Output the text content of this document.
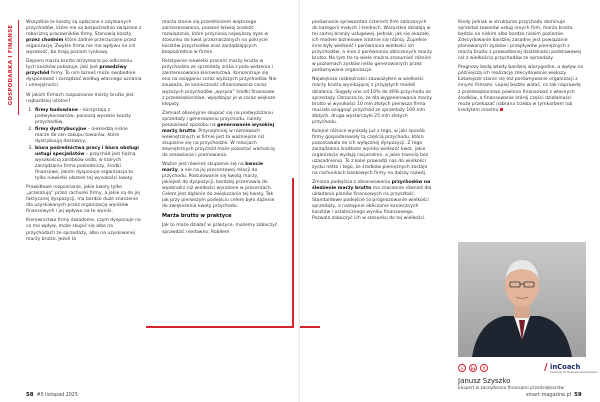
GOSPODARKA I FINANSE

Wszystkie te koszty są opłacane z uzyskanych przychodów, które nie są bezpośrednio związane z robocizną pracowników firmy. Stanowią koszty przez chodnim które żadnie przerzucane przez organizację. Zwykle firma nie ma wpływu na ich wysokość, bo mają poziom rynkowy.

Dopiero marża brutto otrzymana po odliczeniu tych kosztów pokazuje, jaki jest prawdziwy przychód firmy. To nim bizneś może swobodnie dysponować i zarządzać według własnego uznania i umiejętności.

W jakich firmach rozpoznanie marży brutto jest najbardziej istotne?

1. firmy budowlane – korzystają z podwykonawców, ponoszą wysokie koszty przychodów,
2. firmy dystrybucyjne – niekiedzą niskie marże do cen zakupu towarów, które dystrybuują dostawcy,
3. biura pośrednictwa pracy i biura obsługi ustugi specjalistów – przychód jest tiężną wysokością zarobków osób, w których zarządzaniu firma pośredniczy, środki finansowe, jakimi dysponuje organizacja to tylko niewielki ułamek tej wysokości kwoty.

Prawidłowe rozpoznanie, jakie kwoty tylko „przelatują” przez rachunki firmy, a jakie są do jej faktycznej dyspozycji, ma bardzo duże znaczenie dla uzyskiwanych przez organizację wyników finansowych i jej wpływu na te wyniki.

Kierownictwo firmy świadome, czym dysponuje na co ma wpływ, może skupić się albo na przychodach ze sprzedaży, albo na uzyskiwanej marży brutto. Jeżeli to

marża stanie się przedmiotem większego zainteresowania, pozwoli łatwiej znaleźć rozwiązania, które przyniosą najwyższy zysk w stosunku do kwot przeznaczonych na pokrycie kosztów przychodów oraz zarządzających bezpośrednio w firmie.

Relatywnie niewielki procent marży brutto w przychodzie ze sprzedaży znika z pola widzenia i zainteresowania kierownictwa. Koncentruje się ono na osiąganiu coraz wyższych przychodów. Nie zauważa, że konieczność sfinansowania coraz wyższych przychodów „wysysa” środki finansowe z przedsiębiorstwa, wpędzając je w coraz większe kłopoty.

Zamiast obsesyjnie skupiać się na podwyższaniu sprzedaży i generowaniu przychodu, należy poszukiwać sposobu na generowanie wysokiej marży brutto. Przynajmniej w rozmowach wewnętrznych w firmie jest to ważniejsze niż skupianie się na przychodzie. W relacjach zewnętrznych przychód może pozostać wartością do omawiania i promowania.

Ważne jest również skupienie się na kwocie marży, a nie na jej procentowej relacji do przychodu. Postulowanie się kwotą marży, jakiejest do dyspozycji, bardziej przemawia do wyobraźni niż wielkości wyrażone w procentach. Celem jest dążenie do zwiększania tej kwoty. Tak jak przy pierwszym podejściu celem było dążenie do zwiększenia kwoty przychodu.

Marża brutto w praktyce

Jak to może działać w praktyce, możemy zobaczyć sprawdzić niedawno. Robiłem

58 #5 listopad 2025

porównanie sprawozdań czterech firm zaliczanych do kategorii małych i średnich. Wszystkie działają w tej samej branży usługowej. Jednak, jak się okazało, ich modele biznesowe istotnie się różnią. Zupełnie inne były wielkość i porównania wielkości ich przychodów, a inne z porównania obliczonych marży brutto. Na tym tle ta wiele można zrozumieć różnice w poziomach zysków netto generowanych przez porównywane organizacje.

Największe rozbieżności zauważyłem w wielkości marży brutto wynikającej z przyjętych modeli działania. Sięgały one od 10% do 40% przychodu ze sprzedaży. Oznacza to, że dla wygenerowania marży brutto w wysokości 10 mln złotych pierwsza firma musiała osiągnąć przychód ze sprzedaży 100 mln złotych, druga wystarczyło 25 mln złotych przychodu.

Kolejne różnice wynikały już z tego, w jaki sposób firmy gospodarowały tą częścią przychodu, która pozostawała do ich wyłącznej dyspozycji. Z tego zarządzania środkami wynika wielkość kwot, jakie organizacje wydają racjonalnie, a jakie trwonią bez uzasadnienia. To z kolei prowadzi nas do wielkości zysku netto i tego, że środków pieniężnych zostaje na rachunkach bankowych firmy na dalszy rozwój.

Zmiana podejścia z obserwowania przychodów na śledzenie marży brutto ma znaczenie również dla układania planów finansowych na przyszłość. Standardowe podejście to prognozowanie wielkości sprzedaży, a następnie obliczanie koniecznych kosztów i ostatecznego wyniku finansowego. Pozwala zobaczyć ich w stosunku do tej wielkości.

Kiedy jednak w strukturze przychodu dominuje sprzedaż towarów usług innych firm, marża brutto będzie na niskim albo bardzo niskim poziomie. Zdecydowanie bardziej zasadne jest powiązanie planowanych zysków i przepływów pieniężnych z marżą brutto z prowadzonej działalności podstawowej niż z wielkością przychodów ze sprzedaży.

Prognozy będą wtedy bardziej wiarygodne, a wpływ na późniejszą ich realizację zdecydowanie większy. Łatwiejsze stanie się też porównywanie organizacji z innymi firmami. Lepiej będzie widać, co tak naprawdę z przedsiębiorstwo powinno finansować z własnych środków, a finansowanie której części działalności może przekazać nabrana trzeba w tymkarbem lub kredytem innemu

✉	in	f	/ inCoach
Coaching for Business Development
Janusz Szyszko
Ekspert w zarządzaniu finansami przedsiębiorstw
smart-magazine.pl 59
